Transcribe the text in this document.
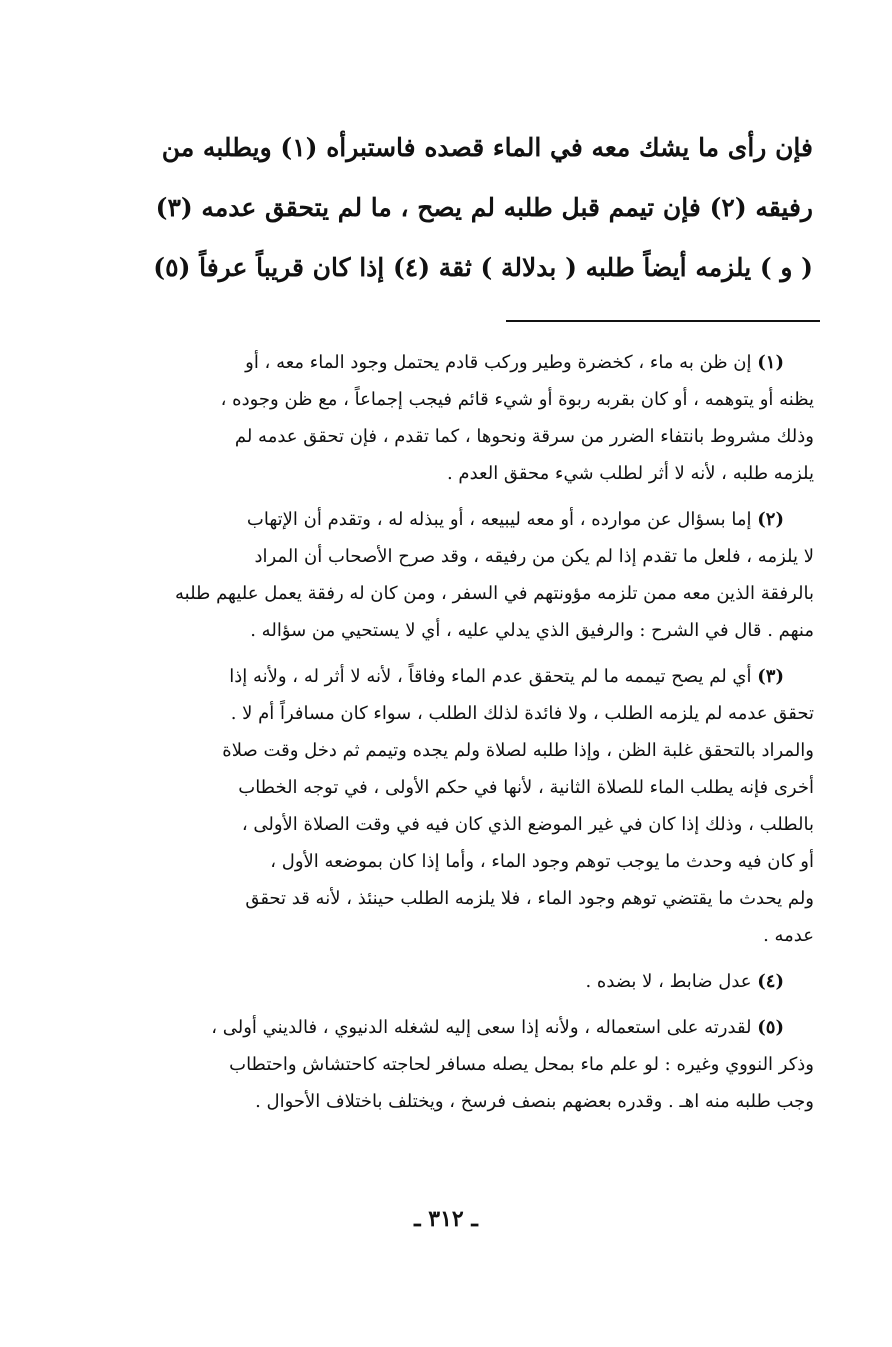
فإن رأى ما يشك معه في الماء قصده فاستبرأه (١) ويطلبه من
رفيقه (٢) فإن تيمم قبل طلبه لم يصح ، ما لم يتحقق عدمه (٣)
( و ) يلزمه أيضاً طلبه ( بدلالة ) ثقة (٤) إذا كان قريباً عرفاً (٥)
(١) إن ظن به ماء ، كخضرة وطير وركب قادم يحتمل وجود الماء معه ، أو
يظنه أو يتوهمه ، أو كان بقربه ربوة أو شيء قائم فيجب إجماعاً ، مع ظن وجوده ،
وذلك مشروط بانتفاء الضرر من سرقة ونحوها ، كما تقدم ، فإن تحقق عدمه لم
يلزمه طلبه ، لأنه لا أثر لطلب شيء محقق العدم .
(٢) إما بسؤال عن موارده ، أو معه ليبيعه ، أو يبذله له ، وتقدم أن الإتهاب
لا يلزمه ، فلعل ما تقدم إذا لم يكن من رفيقه ، وقد صرح الأصحاب أن المراد
بالرفقة الذين معه ممن تلزمه مؤونتهم في السفر ، ومن كان له رفقة يعمل عليهم طلبه
منهم . قال في الشرح : والرفيق الذي يدلي عليه ، أي لا يستحيي من سؤاله .
(٣) أي لم يصح تيممه ما لم يتحقق عدم الماء وفاقاً ، لأنه لا أثر له ، ولأنه إذا
تحقق عدمه لم يلزمه الطلب ، ولا فائدة لذلك الطلب ، سواء كان مسافراً أم لا .
والمراد بالتحقق غلبة الظن ، وإذا طلبه لصلاة ولم يجده وتيمم ثم دخل وقت صلاة
أخرى فإنه يطلب الماء للصلاة الثانية ، لأنها في حكم الأولى ، في توجه الخطاب
بالطلب ، وذلك إذا كان في غير الموضع الذي كان فيه في وقت الصلاة الأولى ،
أو كان فيه وحدث ما يوجب توهم وجود الماء ، وأما إذا كان بموضعه الأول ،
ولم يحدث ما يقتضي توهم وجود الماء ، فلا يلزمه الطلب حينئذ ، لأنه قد تحقق
عدمه .
(٤) عدل ضابط ، لا بضده .
(٥) لقدرته على استعماله ، ولأنه إذا سعى إليه لشغله الدنيوي ، فالديني أولى ،
وذكر النووي وغيره : لو علم ماء بمحل يصله مسافر لحاجته كاحتشاش واحتطاب
وجب طلبه منه اهـ . وقدره بعضهم بنصف فرسخ ، ويختلف باختلاف الأحوال .
ـ ٣١٢ ـ
